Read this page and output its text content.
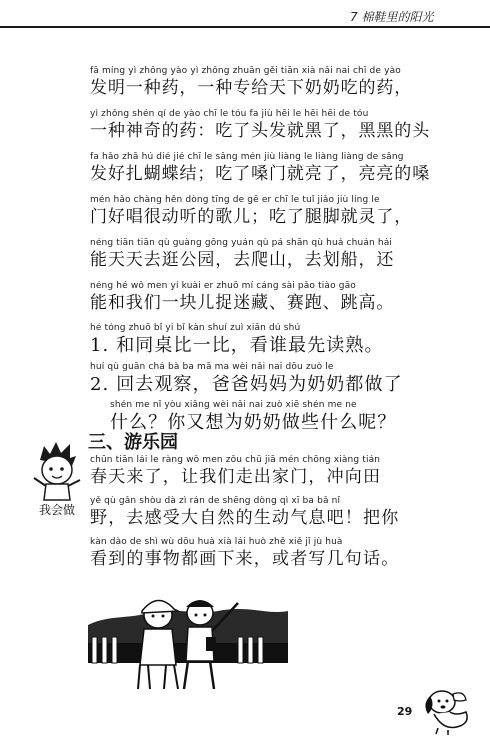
7 棉鞋里的阳光
fā míng yì zhǒng yào yì zhǒng zhuān gěi tiān xià nǎi nai chī de yào
发明一种药，一种专给天下奶奶吃的药，
yì zhǒng shén qí de yào chī le tóu fa jiù hēi le hēi hēi de tóu
一种神奇的药：吃了头发就黑了，黑黑的头
fa hǎo zhā hú dié jié chī le sǎng mén jiù liàng le liàng liàng de sǎng
发好扎蝴蝶结；吃了嗓门就亮了，亮亮的嗓
mén hǎo chàng hěn dòng tīng de gē er chī le tuǐ jiǎo jiù líng le
门好唱很动听的歌儿；吃了腿脚就灵了，
néng tiān tiān qù guàng gōng yuán qù pá shān qù huá chuán hái
能天天去逛公园，去爬山，去划船，还
néng hé wǒ men yí kuài er zhuō mí cáng sài pǎo tiào gāo
能和我们一块儿捉迷藏、赛跑、跳高。
hé tóng zhuō bǐ yi bǐ kàn shuí zuì xiān dú shú
1. 和同桌比一比，看谁最先读熟。
huí qù guān chá bà ba mā ma wèi nǎi nai dōu zuò le
2. 回去观察，爸爸妈妈为奶奶都做了
shén me nǐ yòu xiǎng wèi nǎi nai zuò xiē shén me ne
什么？你又想为奶奶做些什么呢？
三、游乐园
我会做
chūn tiān lái le ràng wǒ men zǒu chū jiā mén chōng xiàng tián
春天来了，让我们走出家门，冲向田
yě qù gǎn shòu dà zì rán de shēng dòng qì xī ba bǎ nǐ
野，去感受大自然的生动气息吧！把你
kàn dào de shì wù dōu huà xià lái huò zhě xiě jǐ jù huà
看到的事物都画下来，或者写几句话。
29
